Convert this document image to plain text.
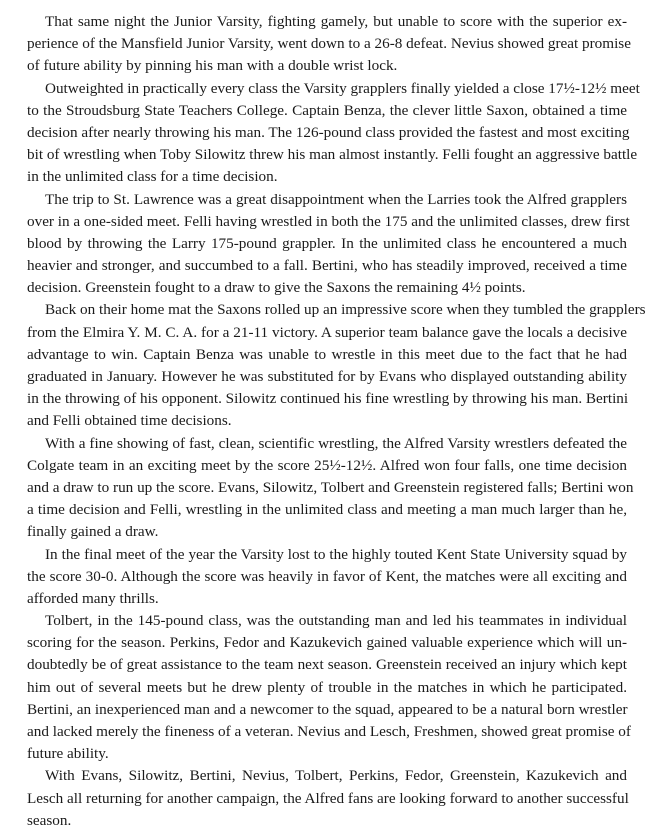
That same night the Junior Varsity, fighting gamely, but unable to score with the superior ex-
perience of the Mansfield Junior Varsity, went down to a 26-8 defeat. Nevius showed great promise
of future ability by pinning his man with a double wrist lock.
Outweighted in practically every class the Varsity grapplers finally yielded a close 17½-12½ meet
to the Stroudsburg State Teachers College. Captain Benza, the clever little Saxon, obtained a time
decision after nearly throwing his man. The 126-pound class provided the fastest and most exciting
bit of wrestling when Toby Silowitz threw his man almost instantly. Felli fought an aggressive battle
in the unlimited class for a time decision.
The trip to St. Lawrence was a great disappointment when the Larries took the Alfred grapplers
over in a one-sided meet. Felli having wrestled in both the 175 and the unlimited classes, drew first
blood by throwing the Larry 175-pound grappler. In the unlimited class he encountered a much
heavier and stronger, and succumbed to a fall. Bertini, who has steadily improved, received a time
decision. Greenstein fought to a draw to give the Saxons the remaining 4½ points.
Back on their home mat the Saxons rolled up an impressive score when they tumbled the grapplers
from the Elmira Y. M. C. A. for a 21-11 victory. A superior team balance gave the locals a decisive
advantage to win. Captain Benza was unable to wrestle in this meet due to the fact that he had
graduated in January. However he was substituted for by Evans who displayed outstanding ability
in the throwing of his opponent. Silowitz continued his fine wrestling by throwing his man. Bertini
and Felli obtained time decisions.
With a fine showing of fast, clean, scientific wrestling, the Alfred Varsity wrestlers defeated the
Colgate team in an exciting meet by the score 25½-12½. Alfred won four falls, one time decision
and a draw to run up the score. Evans, Silowitz, Tolbert and Greenstein registered falls; Bertini won
a time decision and Felli, wrestling in the unlimited class and meeting a man much larger than he,
finally gained a draw.
In the final meet of the year the Varsity lost to the highly touted Kent State University squad by
the score 30-0. Although the score was heavily in favor of Kent, the matches were all exciting and
afforded many thrills.
Tolbert, in the 145-pound class, was the outstanding man and led his teammates in individual
scoring for the season. Perkins, Fedor and Kazukevich gained valuable experience which will un-
doubtedly be of great assistance to the team next season. Greenstein received an injury which kept
him out of several meets but he drew plenty of trouble in the matches in which he participated.
Bertini, an inexperienced man and a newcomer to the squad, appeared to be a natural born wrestler
and lacked merely the fineness of a veteran. Nevius and Lesch, Freshmen, showed great promise of
future ability.
With Evans, Silowitz, Bertini, Nevius, Tolbert, Perkins, Fedor, Greenstein, Kazukevich and
Lesch all returning for another campaign, the Alfred fans are looking forward to another successful
season.
